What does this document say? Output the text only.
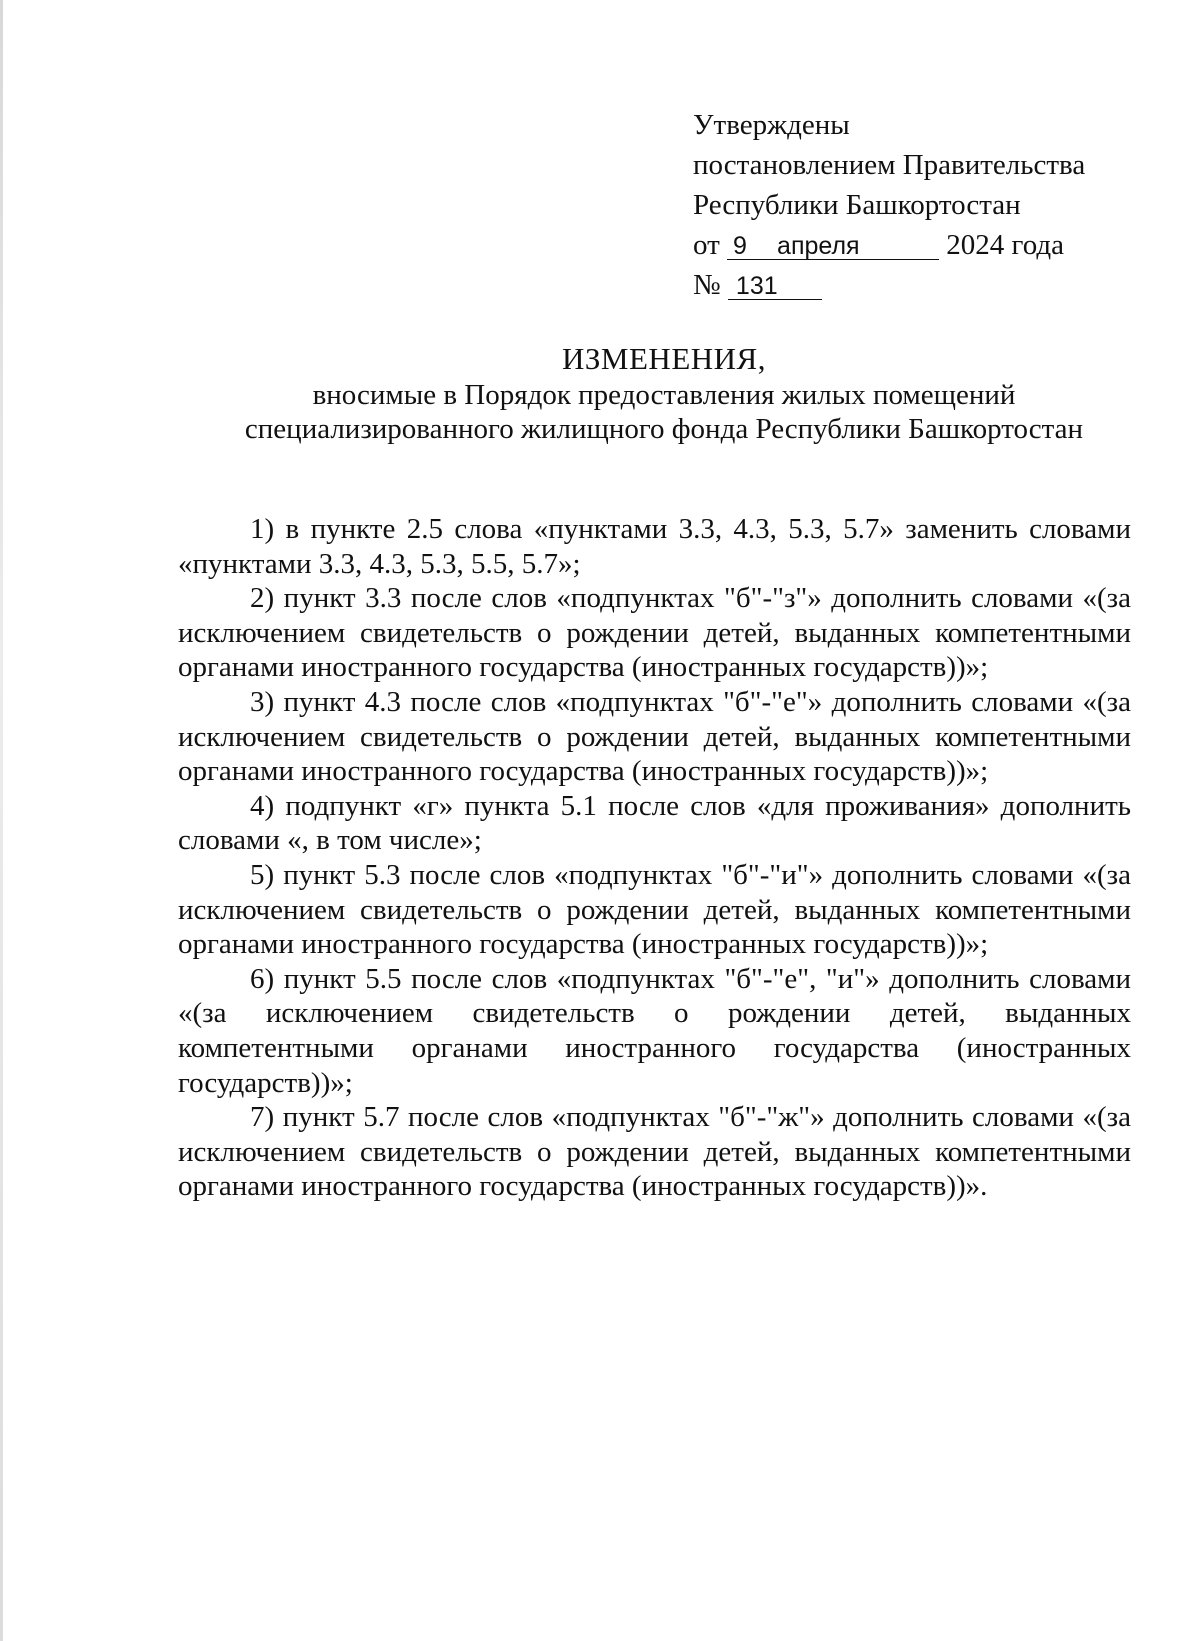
Утверждены
постановлением Правительства
Республики Башкортостан
от 9 апреля	2024 года
№ 131
ИЗМЕНЕНИЯ,
вносимые в Порядок предоставления жилых помещений
специализированного жилищного фонда Республики Башкортостан

1) в пункте 2.5 слова «пунктами 3.3, 4.3, 5.3, 5.7» заменить словами «пунктами 3.3, 4.3, 5.3, 5.5, 5.7»;

2) пункт 3.3 после слов «подпунктах "б"-"з"» дополнить словами «(за исключением свидетельств о рождении детей, выданных компетентными органами иностранного государства (иностранных государств))»;

3) пункт 4.3 после слов «подпунктах "б"-"е"» дополнить словами «(за исключением свидетельств о рождении детей, выданных компетентными органами иностранного государства (иностранных государств))»;

4) подпункт «г» пункта 5.1 после слов «для проживания» дополнить словами «, в том числе»;

5) пункт 5.3 после слов «подпунктах "б"-"и"» дополнить словами «(за исключением свидетельств о рождении детей, выданных компетентными органами иностранного государства (иностранных государств))»;

6) пункт 5.5 после слов «подпунктах "б"-"е", "и"» дополнить словами «(за исключением свидетельств о рождении детей, выданных компетентными органами иностранного государства (иностранных государств))»;

7) пункт 5.7 после слов «подпунктах "б"-"ж"» дополнить словами «(за исключением свидетельств о рождении детей, выданных компетентными органами иностранного государства (иностранных государств))».
